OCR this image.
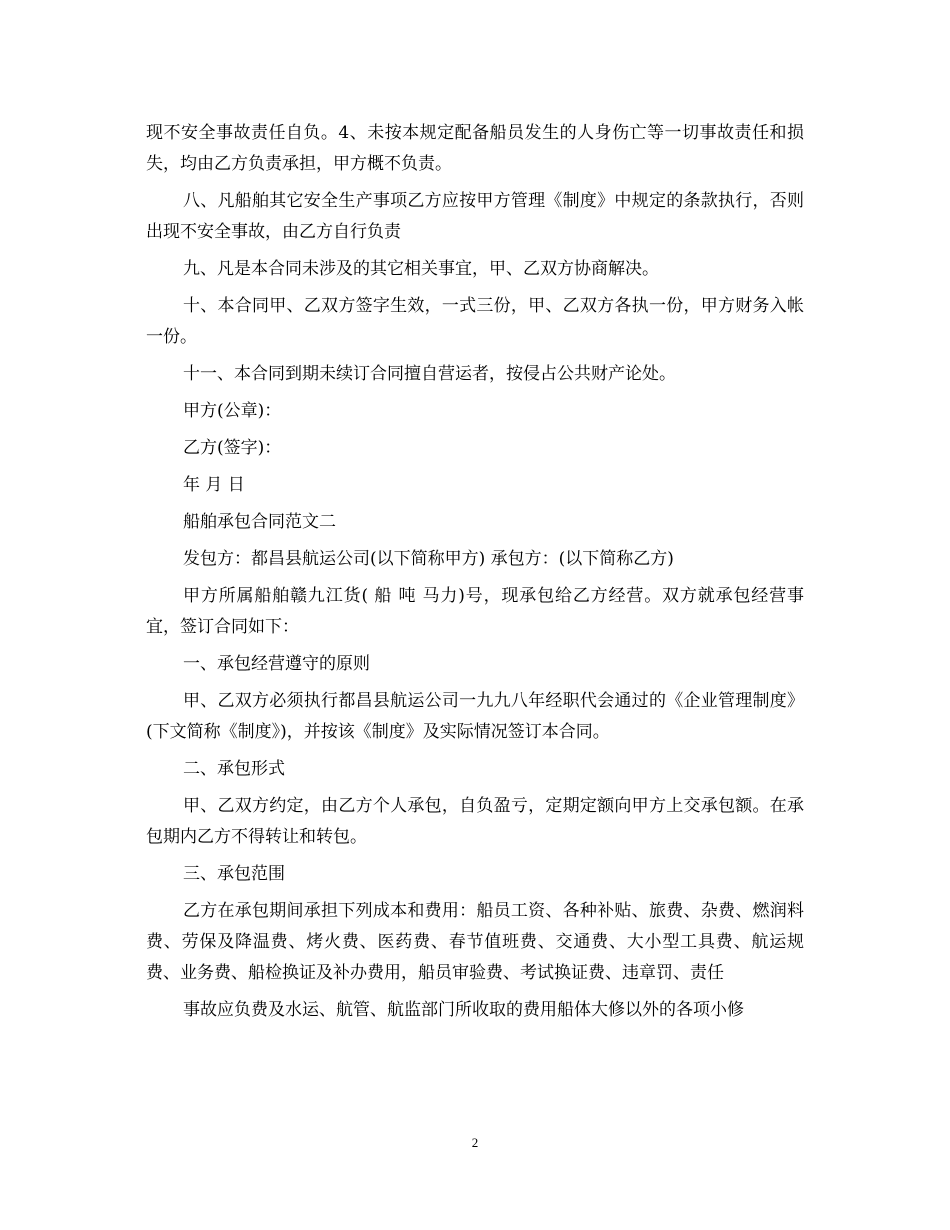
现不安全事故责任自负。4、未按本规定配备船员发生的人身伤亡等一切事故责任和损失，均由乙方负责承担，甲方概不负责。

八、凡船舶其它安全生产事项乙方应按甲方管理《制度》中规定的条款执行，否则出现不安全事故，由乙方自行负责

九、凡是本合同未涉及的其它相关事宜，甲、乙双方协商解决。

十、本合同甲、乙双方签字生效，一式三份，甲、乙双方各执一份，甲方财务入帐一份。

十一、本合同到期未续订合同擅自营运者，按侵占公共财产论处。

甲方(公章)：

乙方(签字)：

年 月 日

船舶承包合同范文二

发包方：都昌县航运公司(以下简称甲方) 承包方：(以下简称乙方)

甲方所属船舶赣九江货( 船 吨 马力)号，现承包给乙方经营。双方就承包经营事宜，签订合同如下：

一、承包经营遵守的原则

甲、乙双方必须执行都昌县航运公司一九九八年经职代会通过的《企业管理制度》(下文简称《制度》)，并按该《制度》及实际情况签订本合同。

二、承包形式

甲、乙双方约定，由乙方个人承包，自负盈亏，定期定额向甲方上交承包额。在承包期内乙方不得转让和转包。

三、承包范围

乙方在承包期间承担下列成本和费用：船员工资、各种补贴、旅费、杂费、燃润料费、劳保及降温费、烤火费、医药费、春节值班费、交通费、大小型工具费、航运规费、业务费、船检换证及补办费用，船员审验费、考试换证费、违章罚、责任

事故应负费及水运、航管、航监部门所收取的费用船体大修以外的各项小修

2
